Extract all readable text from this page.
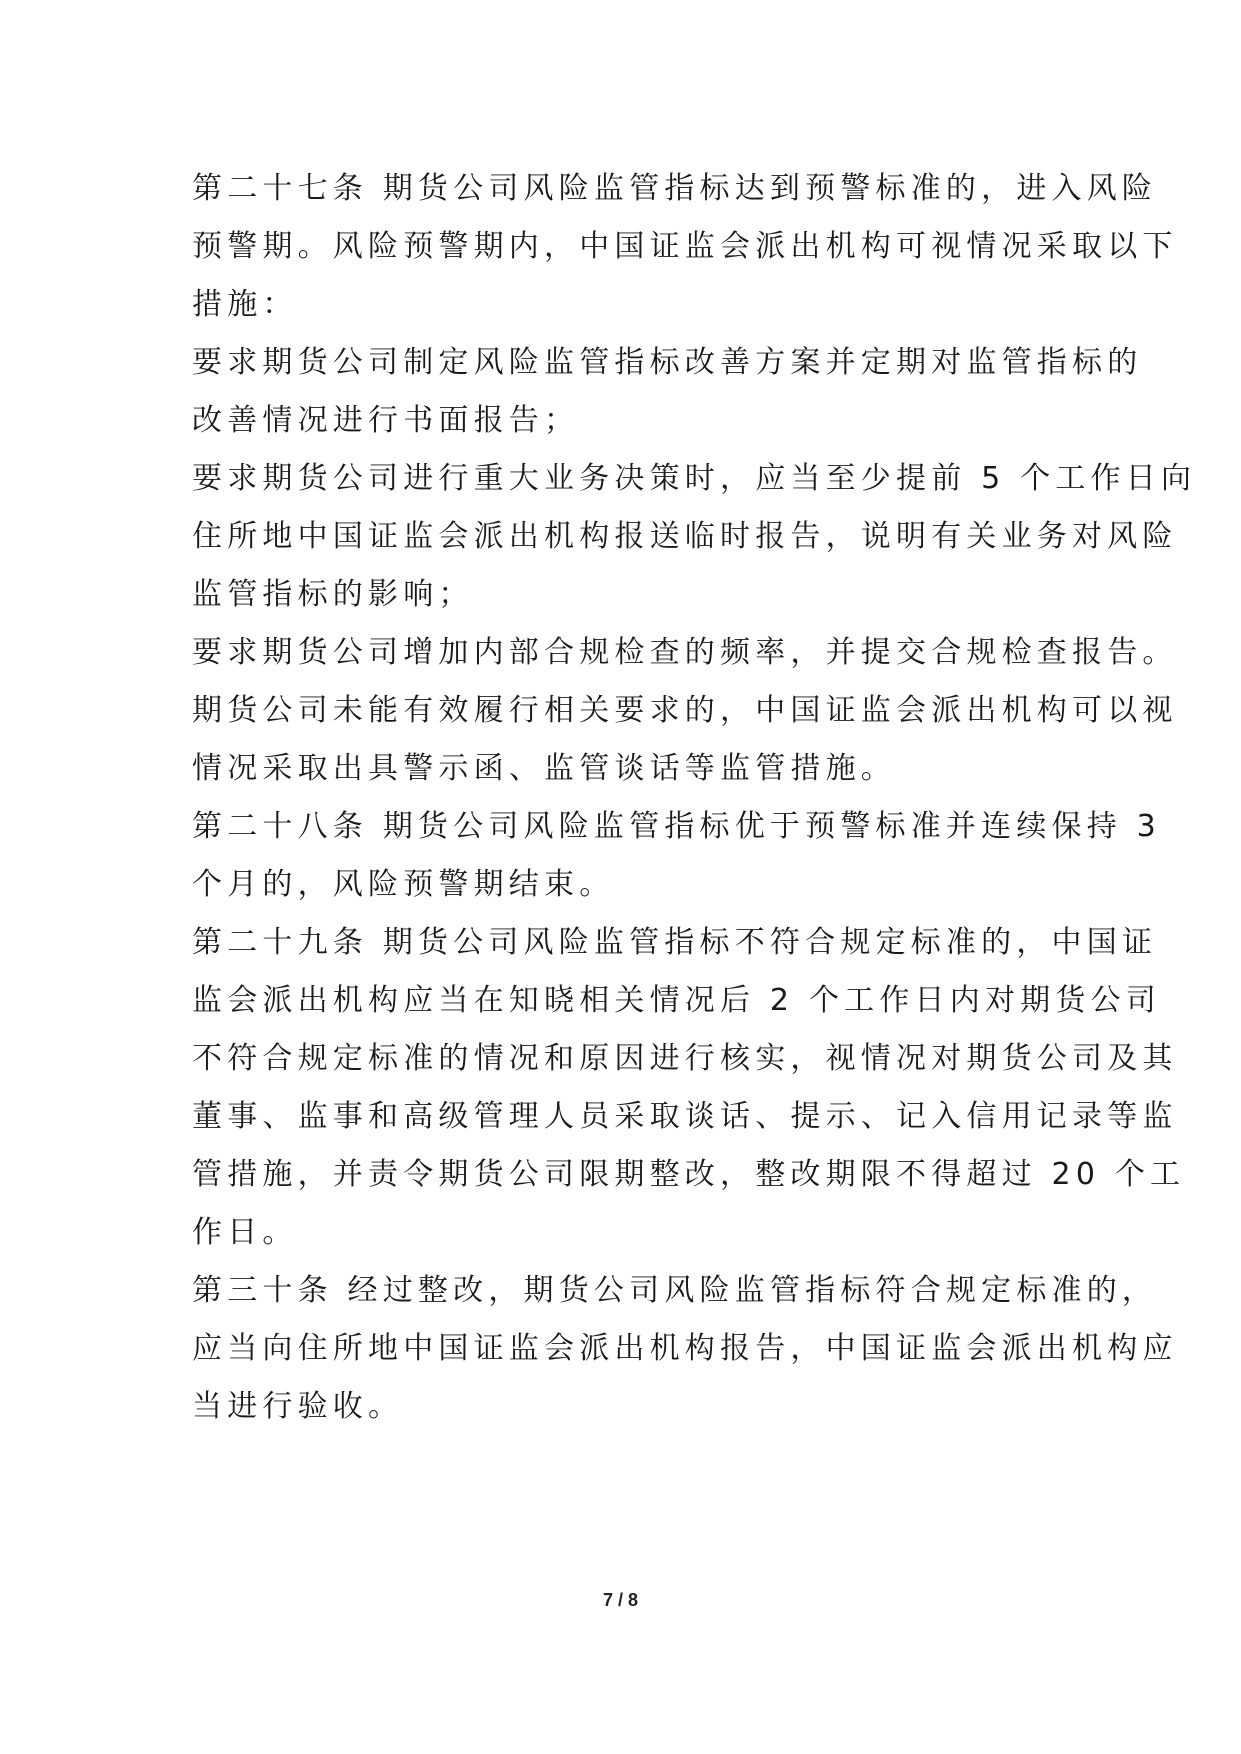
第二十七条 期货公司风险监管指标达到预警标准的，进入风险
预警期。风险预警期内，中国证监会派出机构可视情况采取以下
措施：
要求期货公司制定风险监管指标改善方案并定期对监管指标的
改善情况进行书面报告；
要求期货公司进行重大业务决策时，应当至少提前 5 个工作日向
住所地中国证监会派出机构报送临时报告，说明有关业务对风险
监管指标的影响；
要求期货公司增加内部合规检查的频率，并提交合规检查报告。
期货公司未能有效履行相关要求的，中国证监会派出机构可以视
情况采取出具警示函、监管谈话等监管措施。
第二十八条 期货公司风险监管指标优于预警标准并连续保持 3
个月的，风险预警期结束。
第二十九条 期货公司风险监管指标不符合规定标准的，中国证
监会派出机构应当在知晓相关情况后 2 个工作日内对期货公司
不符合规定标准的情况和原因进行核实，视情况对期货公司及其
董事、监事和高级管理人员采取谈话、提示、记入信用记录等监
管措施，并责令期货公司限期整改，整改期限不得超过 20 个工
作日。
第三十条 经过整改，期货公司风险监管指标符合规定标准的，
应当向住所地中国证监会派出机构报告，中国证监会派出机构应
当进行验收。
7 / 8
